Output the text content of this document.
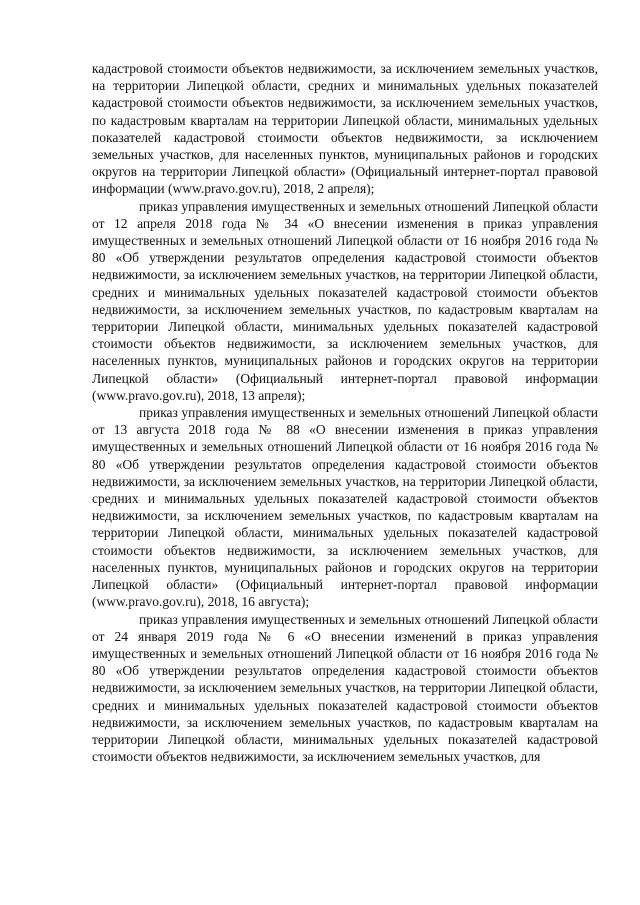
кадастровой стоимости объектов недвижимости, за исключением земельных участков, на территории Липецкой области, средних и минимальных удельных показателей кадастровой стоимости объектов недвижимости, за исключением земельных участков, по кадастровым кварталам на территории Липецкой области, минимальных удельных показателей кадастровой стоимости объектов недвижимости, за исключением земельных участков, для населенных пунктов, муниципальных районов и городских округов на территории Липецкой области» (Официальный интернет-портал правовой информации (www.pravo.gov.ru), 2018, 2 апреля);

приказ управления имущественных и земельных отношений Липецкой области от 12 апреля 2018 года № 34 «О внесении изменения в приказ управления имущественных и земельных отношений Липецкой области от 16 ноября 2016 года № 80 «Об утверждении результатов определения кадастровой стоимости объектов недвижимости, за исключением земельных участков, на территории Липецкой области, средних и минимальных удельных показателей кадастровой стоимости объектов недвижимости, за исключением земельных участков, по кадастровым кварталам на территории Липецкой области, минимальных удельных показателей кадастровой стоимости объектов недвижимости, за исключением земельных участков, для населенных пунктов, муниципальных районов и городских округов на территории Липецкой области» (Официальный интернет-портал правовой информации (www.pravo.gov.ru), 2018, 13 апреля);

приказ управления имущественных и земельных отношений Липецкой области от 13 августа 2018 года № 88 «О внесении изменения в приказ управления имущественных и земельных отношений Липецкой области от 16 ноября 2016 года № 80 «Об утверждении результатов определения кадастровой стоимости объектов недвижимости, за исключением земельных участков, на территории Липецкой области, средних и минимальных удельных показателей кадастровой стоимости объектов недвижимости, за исключением земельных участков, по кадастровым кварталам на территории Липецкой области, минимальных удельных показателей кадастровой стоимости объектов недвижимости, за исключением земельных участков, для населенных пунктов, муниципальных районов и городских округов на территории Липецкой области» (Официальный интернет-портал правовой информации (www.pravo.gov.ru), 2018, 16 августа);

приказ управления имущественных и земельных отношений Липецкой области от 24 января 2019 года № 6 «О внесении изменений в приказ управления имущественных и земельных отношений Липецкой области от 16 ноября 2016 года № 80 «Об утверждении результатов определения кадастровой стоимости объектов недвижимости, за исключением земельных участков, на территории Липецкой области, средних и минимальных удельных показателей кадастровой стоимости объектов недвижимости, за исключением земельных участков, по кадастровым кварталам на территории Липецкой области, минимальных удельных показателей кадастровой стоимости объектов недвижимости, за исключением земельных участков, для
